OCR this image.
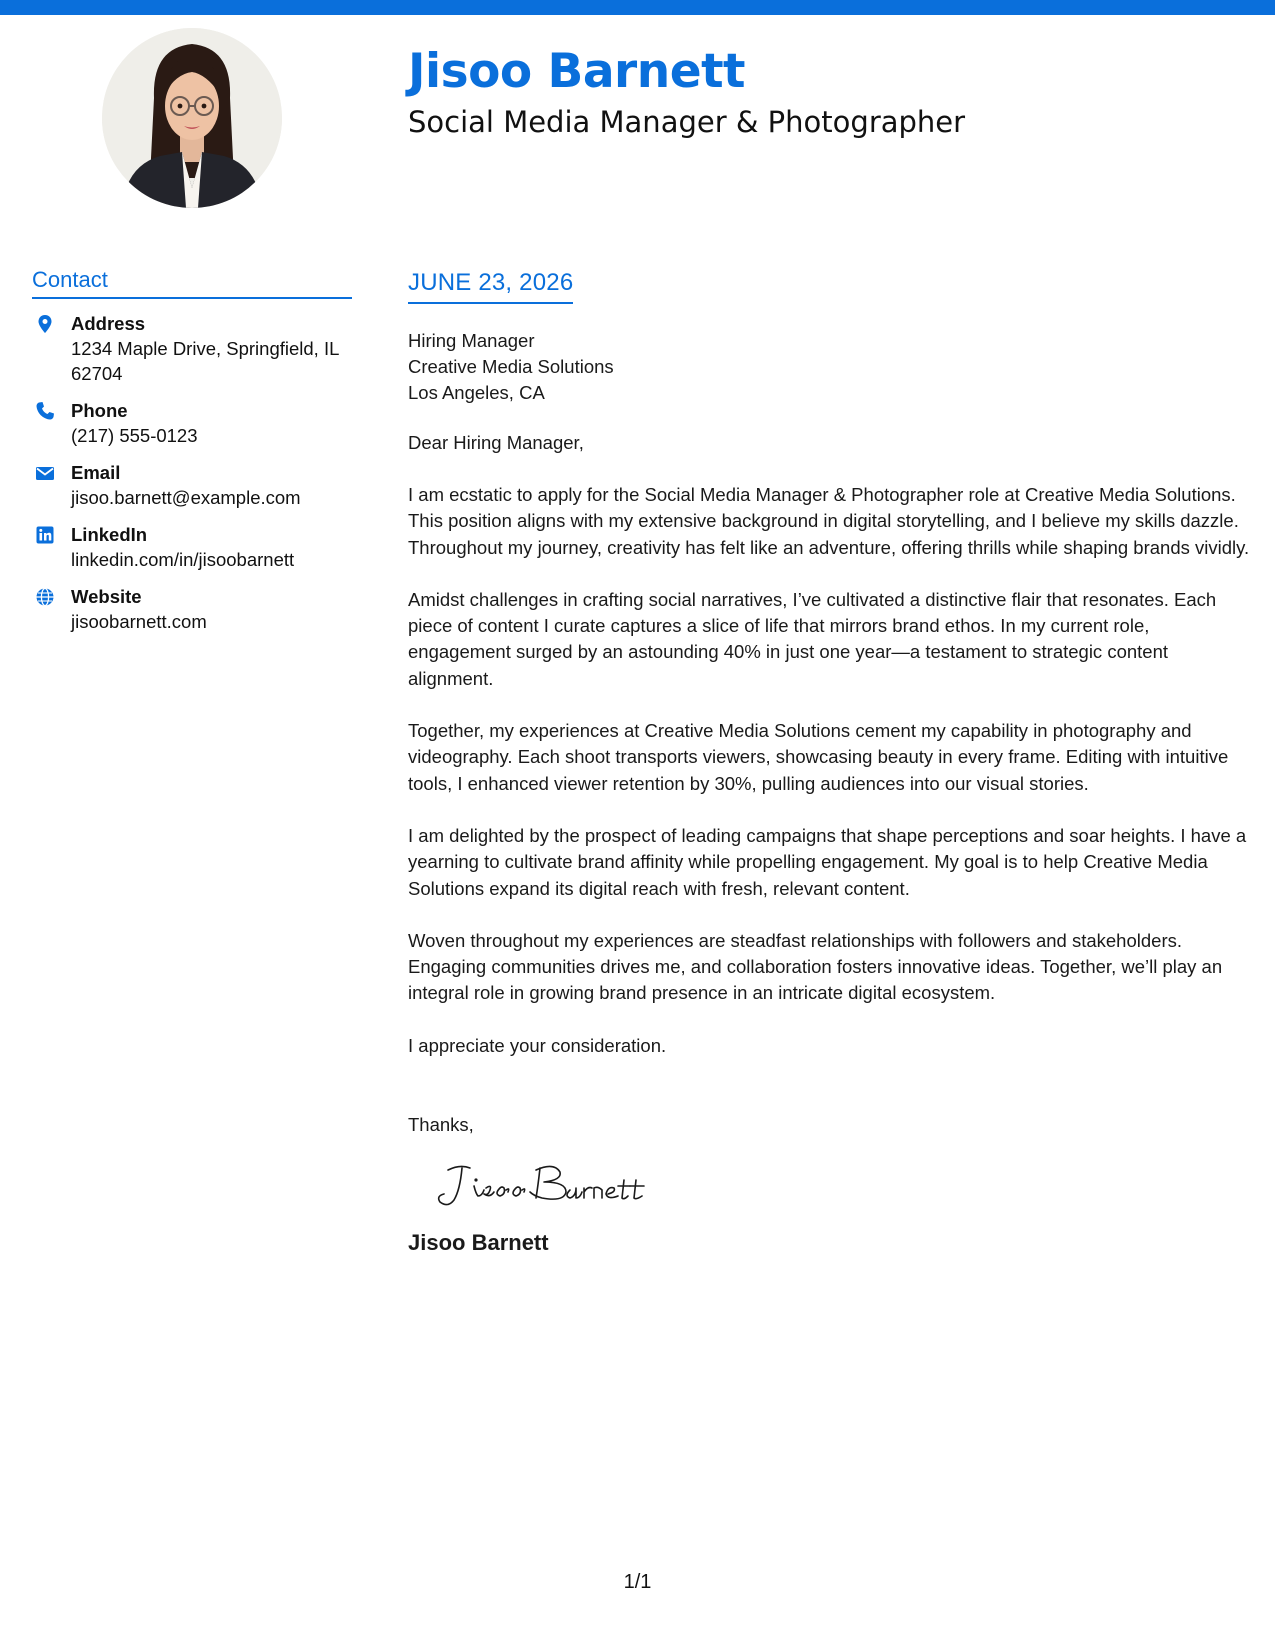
Jisoo Barnett
Social Media Manager & Photographer
Contact
Address
1234 Maple Drive, Springfield, IL 62704
Phone
(217) 555-0123
Email
jisoo.barnett@example.com
LinkedIn
linkedin.com/in/jisoobarnett
Website
jisoobarnett.com
JUNE 23, 2026
Hiring Manager
Creative Media Solutions
Los Angeles, CA
Dear Hiring Manager,
I am ecstatic to apply for the Social Media Manager & Photographer role at Creative Media Solutions. This position aligns with my extensive background in digital storytelling, and I believe my skills dazzle. Throughout my journey, creativity has felt like an adventure, offering thrills while shaping brands vividly.
Amidst challenges in crafting social narratives, I’ve cultivated a distinctive flair that resonates. Each piece of content I curate captures a slice of life that mirrors brand ethos. In my current role, engagement surged by an astounding 40% in just one year—a testament to strategic content alignment.
Together, my experiences at Creative Media Solutions cement my capability in photography and videography. Each shoot transports viewers, showcasing beauty in every frame. Editing with intuitive tools, I enhanced viewer retention by 30%, pulling audiences into our visual stories.
I am delighted by the prospect of leading campaigns that shape perceptions and soar heights. I have a yearning to cultivate brand affinity while propelling engagement. My goal is to help Creative Media Solutions expand its digital reach with fresh, relevant content.
Woven throughout my experiences are steadfast relationships with followers and stakeholders. Engaging communities drives me, and collaboration fosters innovative ideas. Together, we’ll play an integral role in growing brand presence in an intricate digital ecosystem.
I appreciate your consideration.
Thanks,
Jisoo Barnett
1/1
